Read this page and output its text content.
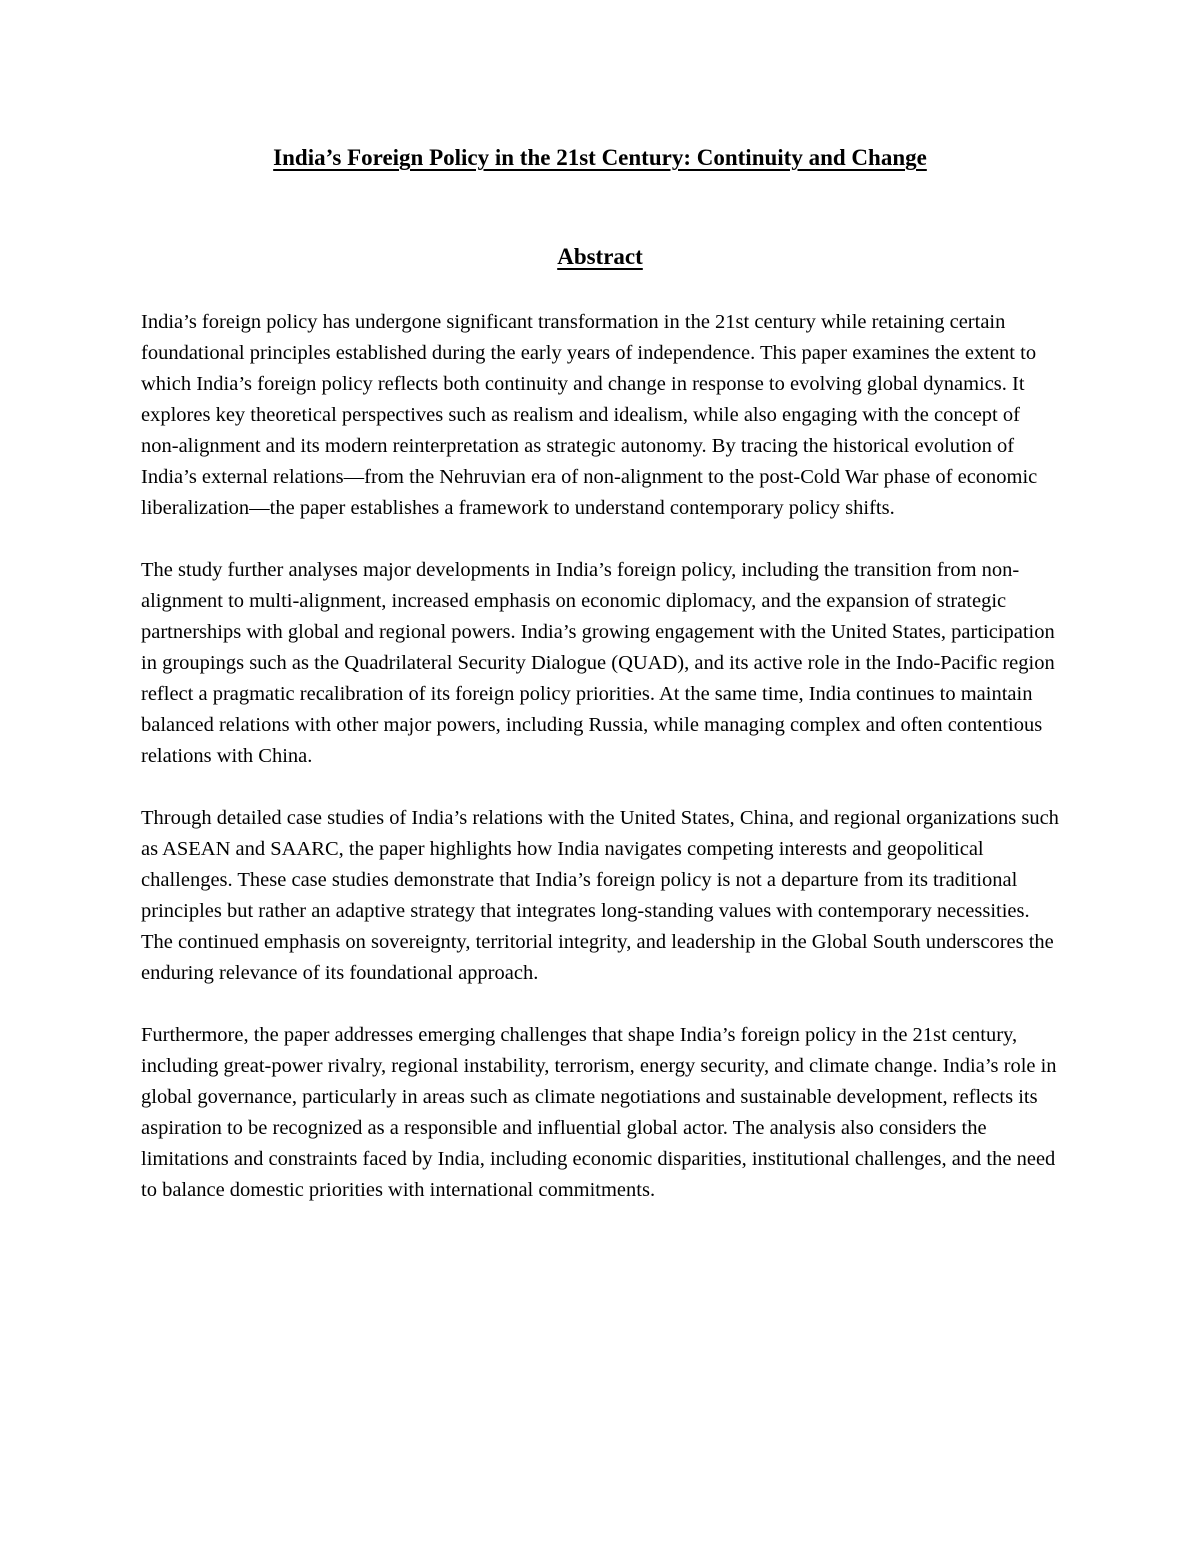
India’s Foreign Policy in the 21st Century: Continuity and Change
Abstract

India’s foreign policy has undergone significant transformation in the 21st century while retaining certain foundational principles established during the early years of independence. This paper examines the extent to which India’s foreign policy reflects both continuity and change in response to evolving global dynamics. It explores key theoretical perspectives such as realism and idealism, while also engaging with the concept of non-alignment and its modern reinterpretation as strategic autonomy. By tracing the historical evolution of India’s external relations—from the Nehruvian era of non-alignment to the post-Cold War phase of economic liberalization—the paper establishes a framework to understand contemporary policy shifts.

The study further analyses major developments in India’s foreign policy, including the transition from non-alignment to multi-alignment, increased emphasis on economic diplomacy, and the expansion of strategic partnerships with global and regional powers. India’s growing engagement with the United States, participation in groupings such as the Quadrilateral Security Dialogue (QUAD), and its active role in the Indo-Pacific region reflect a pragmatic recalibration of its foreign policy priorities. At the same time, India continues to maintain balanced relations with other major powers, including Russia, while managing complex and often contentious relations with China.

Through detailed case studies of India’s relations with the United States, China, and regional organizations such as ASEAN and SAARC, the paper highlights how India navigates competing interests and geopolitical challenges. These case studies demonstrate that India’s foreign policy is not a departure from its traditional principles but rather an adaptive strategy that integrates long-standing values with contemporary necessities. The continued emphasis on sovereignty, territorial integrity, and leadership in the Global South underscores the enduring relevance of its foundational approach.

Furthermore, the paper addresses emerging challenges that shape India’s foreign policy in the 21st century, including great-power rivalry, regional instability, terrorism, energy security, and climate change. India’s role in global governance, particularly in areas such as climate negotiations and sustainable development, reflects its aspiration to be recognized as a responsible and influential global actor. The analysis also considers the limitations and constraints faced by India, including economic disparities, institutional challenges, and the need to balance domestic priorities with international commitments.
